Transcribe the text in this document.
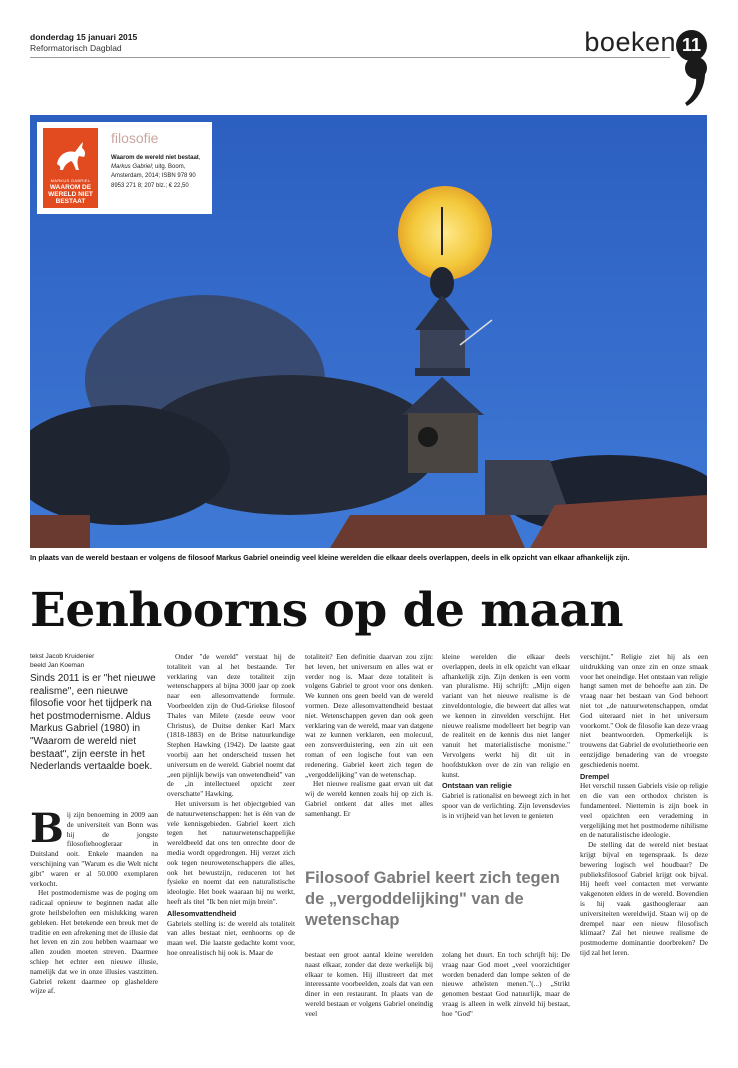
donderdag 15 januari 2015
Reformatorisch Dagblad	boeken 11
MARKUS GABRIEL
WAAROM DE WERELD NIET BESTAAT
filosofie
Waarom de wereld niet bestaat, Markus Gabriel; uitg. Boom, Amsterdam, 2014; ISBN 978 90 8953 271 8; 207 blz.; € 22,50
In plaats van de wereld bestaan er volgens de filosoof Markus Gabriel oneindig veel kleine werelden die elkaar deels overlappen, deels in elk opzicht van elkaar afhankelijk zijn.
Eenhoorns op de maan
tekst Jacob Kruidenier
beeld Jan Koeman
Sinds 2011 is er "het nieuwe realisme", een nieuwe filosofie voor het tijdperk na het postmodernisme. Aldus Markus Gabriel (1980) in "Waarom de wereld niet bestaat", zijn eerste in het Nederlands vertaalde boek.

Bij zijn benoeming in 2009 aan de universiteit van Bonn was hij de jongste filosofiehoogleraar in Duitsland ooit. Enkele maanden na verschijning van "Warum es die Welt nicht gibt" waren er al 50.000 exemplaren verkocht.

Het postmodernisme was de poging om radicaal opnieuw te beginnen nadat alle grote heilsbeloften een mislukking waren gebleken. Het betekende een breuk met de traditie en een afrekening met de illusie dat het leven en zin zou hebben waarnaar we allen zouden moeten streven. Daarmee schiep het echter een nieuwe illusie, namelijk dat we in onze illusies vastzitten. Gabriel rekent daarmee op glasheldere wijze af.

Onder "de wereld" verstaat hij de totaliteit van al het bestaande. Ter verklaring van deze totaliteit zijn wetenschappers al bijna 3000 jaar op zoek naar een allesomvattende formule. Voorbeelden zijn de Oud-Griekse filosoof Thales van Milete (zesde eeuw voor Christus), de Duitse denker Karl Marx (1818-1883) en de Britse natuurkundige Stephen Hawking (1942). De laatste gaat voorbij aan het onderscheid tussen het universum en de wereld. Gabriel noemt dat „een pijnlijk bewijs van onwetendheid" van de „in intellectueel opzicht zeer overschatte" Hawking.

Het universum is het objectgebied van de natuurwetenschappen: het is één van de vele kennisgebieden. Gabriel keert zich tegen het natuurwetenschappelijke wereldbeeld dat ons ten onrechte door de media wordt opgedrongen. Hij verzet zich ook tegen neurowetenschappers die alles, ook het bewustzijn, reduceren tot het fysieke en noemt dat een naturalistische ideologie. Het boek waaraan hij nu werkt, heeft als titel "Ik ben niet mijn brein".

Allesomvattendheid

Gabriels stelling is: de wereld als totaliteit van alles bestaat niet, eenhoorns op de maan wel. Die laatste gedachte komt voor, hoe onrealistisch hij ook is. Maar de

totaliteit? Een definitie daarvan zou zijn: het leven, het universum en alles wat er verder nog is. Maar deze totaliteit is volgens Gabriel te groot voor ons denken. We kunnen ons geen beeld van de wereld vormen. Deze allesomvattendheid bestaat niet. Wetenschappen geven dan ook geen verklaring van de wereld, maar van datgene wat ze kunnen verklaren, een molecuul, een zonsverduistering, een zin uit een roman of een logische fout van een redenering. Gabriel keert zich tegen de „vergoddelijking" van de wetenschap.

Het nieuwe realisme gaat ervan uit dat wij de wereld kennen zoals hij op zich is. Gabriel ontkent dat alles met alles samenhangt. Er

bestaat een groot aantal kleine werelden naast elkaar, zonder dat deze werkelijk bij elkaar te komen. Hij illustreert dat met interessante voorbeelden, zoals dat van een diner in een restaurant. In plaats van de wereld bestaan er volgens Gabriel oneindig veel

Filosoof Gabriel keert zich tegen de „vergoddelijking" van de wetenschap

kleine werelden die elkaar deels overlappen, deels in elk opzicht van elkaar afhankelijk zijn. Zijn denken is een vorm van pluralisme. Hij schrijft: „Mijn eigen variant van het nieuwe realisme is de zinveldontologie, die beweert dat alles wat we kennen in zinvelden verschijnt. Het nieuwe realisme modelleert het begrip van de realiteit en de kennis dus niet langer vanuit het materialistische monisme." Vervolgens werkt hij dit uit in hoofdstukken over de zin van religie en kunst.

Ontstaan van religie

Gabriel is rationalist en beweegt zich in het spoor van de verlichting. Zijn levensdevies is in vrijheid van het leven te genieten

zolang het duurt. En toch schrijft hij: De vraag naar God moet „veel voorzichtiger worden benaderd dan lompe sekten of de nieuwe atheïsten menen."(...) „Strikt genomen bestaat God natuurlijk, maar de vraag is alleen in welk zinveld hij bestaat, hoe "God"

verschijnt." Religie ziet hij als een uitdrukking van onze zin en onze smaak voor het oneindige. Het ontstaan van religie hangt samen met de behoefte aan zin. De vraag naar het bestaan van God behoort niet tot „de natuurwetenschappen, omdat God uiteraard niet in het universum voorkomt." Ook de filosofie kan deze vraag niet beantwoorden. Opmerkelijk is trouwens dat Gabriel de evolutietheorie een eenzijdige benadering van de vroegste geschiedenis noemt.

Drempel

Het verschil tussen Gabriels visie op religie en die van een orthodox christen is fundamenteel. Niettemin is zijn boek in veel opzichten een verademing in vergelijking met het postmoderne nihilisme en de naturalistische ideologie.

De stelling dat de wereld niet bestaat krijgt bijval en tegenspraak. Is deze bewering logisch wel houdbaar? De publieksfilosoof Gabriel krijgt ook bijval. Hij heeft veel contacten met verwante vakgenoten elders in de wereld. Bovendien is hij vaak gasthoogleraar aan universiteiten wereldwijd. Staan wij op de drempel naar een nieuw filosofisch klimaat? Zal het nieuwe realisme de postmoderne dominantie doorbreken? De tijd zal het leren.
